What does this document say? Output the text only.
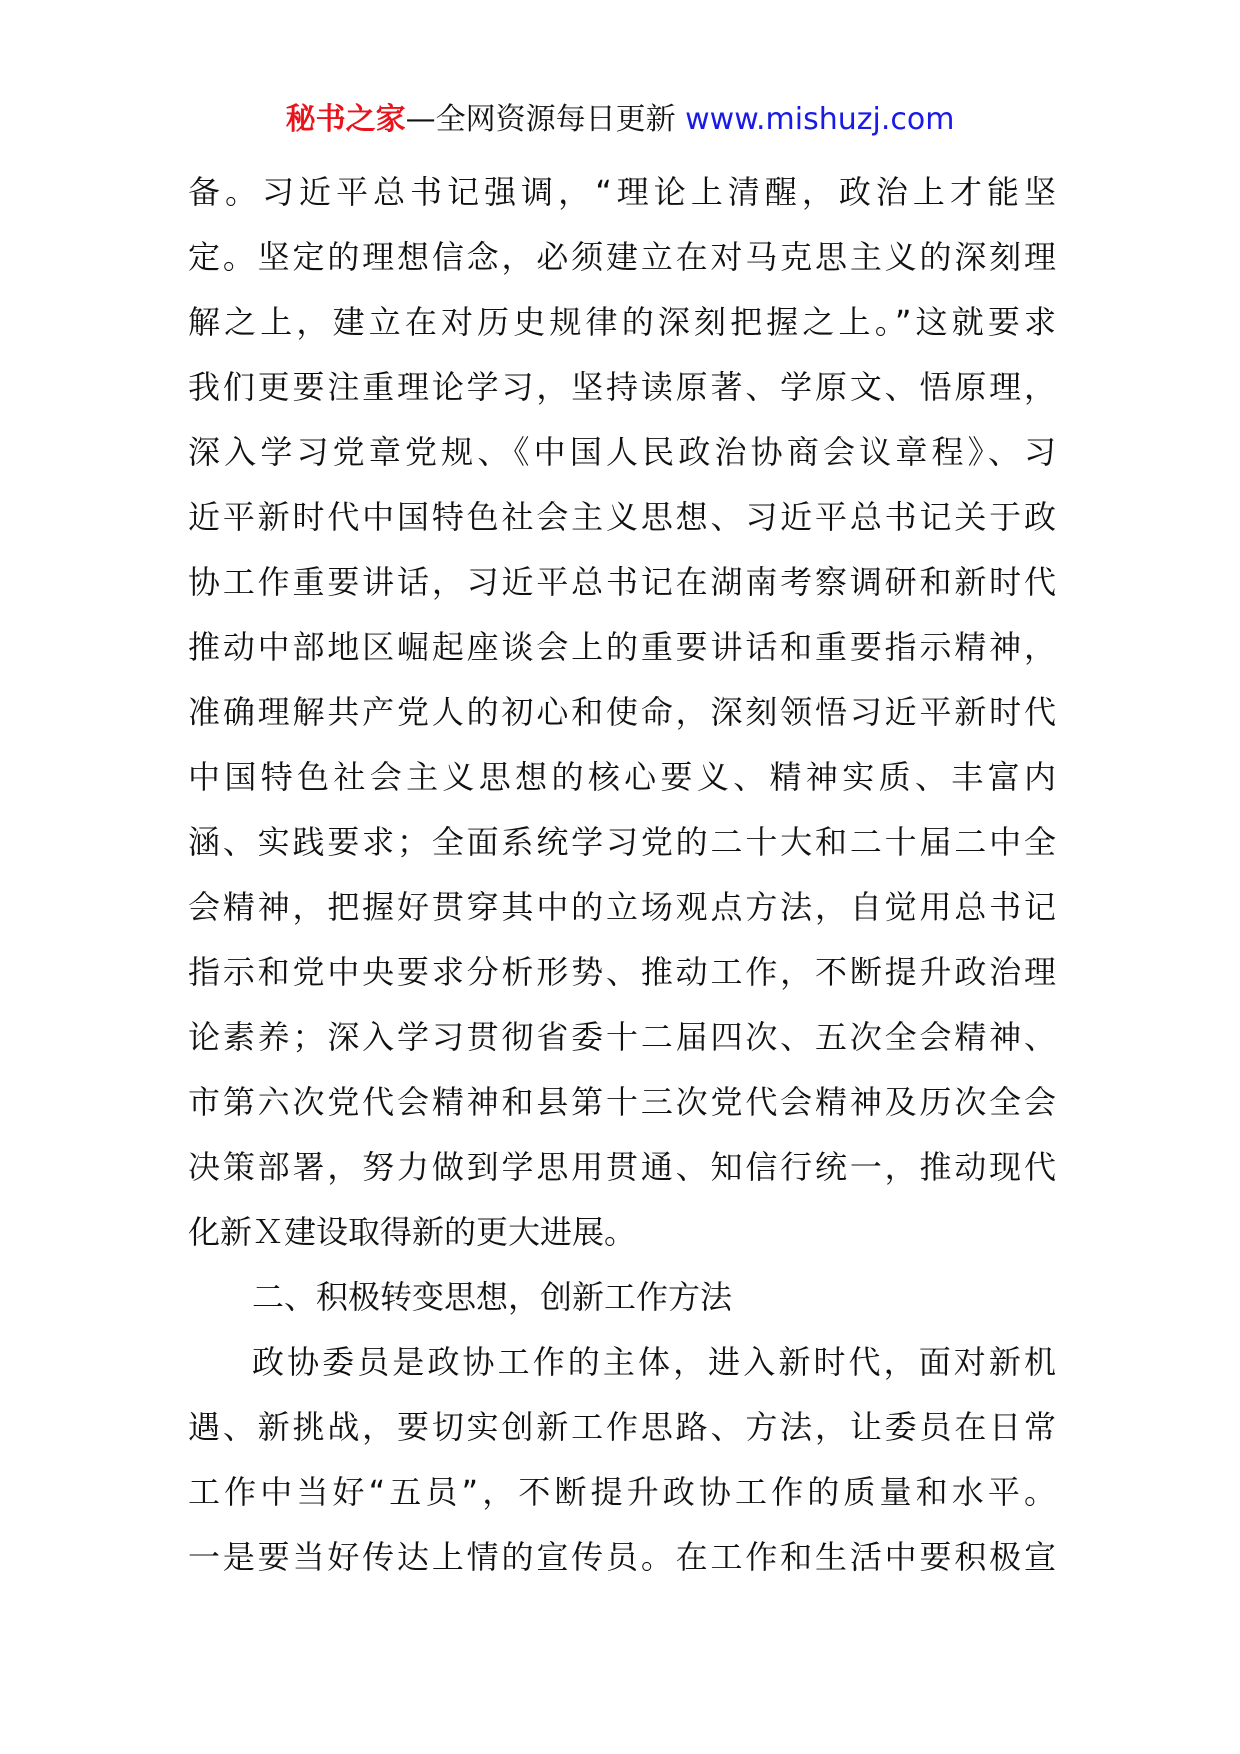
秘书之家—全网资源每日更新 www.mishuzj.com
备。习近平总书记强调，“理论上清醒，政治上才能坚
定。坚定的理想信念，必须建立在对马克思主义的深刻理
解之上，建立在对历史规律的深刻把握之上。”这就要求
我们更要注重理论学习，坚持读原著、学原文、悟原理，
深入学习党章党规、《中国人民政治协商会议章程》、习
近平新时代中国特色社会主义思想、习近平总书记关于政
协工作重要讲话，习近平总书记在湖南考察调研和新时代
推动中部地区崛起座谈会上的重要讲话和重要指示精神，
准确理解共产党人的初心和使命，深刻领悟习近平新时代
中国特色社会主义思想的核心要义、精神实质、丰富内
涵、实践要求；全面系统学习党的二十大和二十届二中全
会精神，把握好贯穿其中的立场观点方法，自觉用总书记
指示和党中央要求分析形势、推动工作，不断提升政治理
论素养；深入学习贯彻省委十二届四次、五次全会精神、
市第六次党代会精神和县第十三次党代会精神及历次全会
决策部署，努力做到学思用贯通、知信行统一，推动现代
化新Ｘ建设取得新的更大进展。
二、积极转变思想，创新工作方法
政协委员是政协工作的主体，进入新时代，面对新机
遇、新挑战，要切实创新工作思路、方法，让委员在日常
工作中当好“五员”，不断提升政协工作的质量和水平。
一是要当好传达上情的宣传员。在工作和生活中要积极宣
